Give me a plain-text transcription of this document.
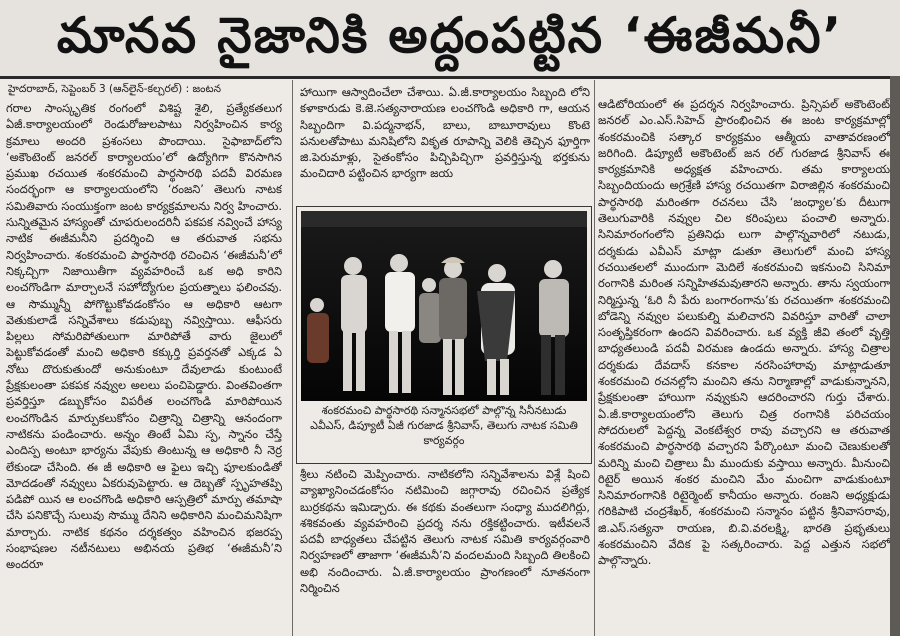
మానవ నైజానికి అద్దంపట్టిన ‘ఈజీమనీ’
హైదరాబాద్, సెప్టెంబర్ 3 (ఆన్‌లైన్-కల్చరల్) : జంటన
గరాల సాంస్కృతిక రంగంలో విశిష్ట శైలి, ప్రత్యేకతలుగ ఏజీ.కార్యాలయంలో రెండురోజులపాటు నిర్వహించిన కార్య క్రమాలు అందరి ప్రశంసలు పొందాయి. సైఫాబాద్‌లోని ‘అకౌంటెంట్ జనరల్ కార్యాలయం’లో ఉద్యోగిగా కొనసాగిన ప్రముఖ రచయిత శంకరమంచి పార్థసారథి పదవీ విరమణ సందర్భంగా ఆ కార్యాలయంలోని ‘రంజని’ తెలుగు నాటక సమితివారు సంయుక్తంగా జంట కార్యక్రమాలను నిర్వ హించారు. సున్నితమైన హాస్యంతో చూపరులందరినీ పకపక నవ్వించే హాస్య నాటిక ఈజీమనీని ప్రదర్శించి ఆ తరువాత సభను నిర్వహించారు. శంకరమంచి పార్థసారథి రచించిన ‘ఈజీమనీ’లో నిక్కచ్చిగా నిజాయితీగా వ్యవహరించే ఒక అధి కారిని లంచగొండిగా మార్చాలనే సహోద్యోగుల ప్రయత్నాలు ఫలించవు. ఆ సొమ్మున్నీ పోగొట్టుకోవడంకోసం ఆ అధికారి ఆటగా వెతుకులాడే సన్నివేశాలు కడుపుబ్బ నవ్విస్తాయి. ఆఫీసరు పిల్లలు సోమరిపోతులుగా మారిపోతే వారు జైలులో పెట్టుకోవడంతో మంచి అధికారి కక్కుర్తి ప్రవర్తనతో ఎక్కడ ఏ నోటు దొరుకుతుందో అనుకుంటూ దేవులాడు కుంటుంటే ప్రేక్షకులంతా పకపక నవ్వుల అలలు పంచిపెడ్డారు. వింతవింతగా ప్రవర్తిస్తూ డబ్బుకోసం విపరీత లంచగొండి మారిపోయిన లంచగొండిన మార్పుకలుకోసం చిత్రాన్ని చిత్రాన్ని ఆనందంగా నాటికను పండించారు. అన్నం తింటే ఏమి స్ప, స్నానం చేస్తే ఎందిస్ప అంటూ భార్యను వేపుకు తింటున్న ఆ అధికారి నీ నెర్ర లేకుండా చేసింది. ఈ జీ అధికారి ఆ ఫైలు ఇచ్చి ఫూలకుండితో మోదడంతో నవ్వులు ఏకరువుపెట్టారు. ఆ దెబ్బతో స్పృహతప్పి పడిపో యిన ఆ లంచగొండి అధికారి ఆస్పత్రిలో మార్పు తమాషా చేసి పనికొచ్చే సులువు సొమ్ము దేనిని అధికారిని మంచిమనిషిగా మార్చారు. నాటిక కథనం దర్శకత్వం వహించిన భజరప్ప సంభాషణల నటీనటులు అభినయ ప్రతిభ ‘ఈజీమనీ’ని అందరూ
హాయిగా ఆస్వాదించేలా చేశాయి. ఏ.జీ.కార్యాలయం సిబ్బంది లోని కళాకారుడు కె.జె.సత్యనారాయణ లంచగొండి అధికారి గా, ఆయన సిబ్బందిగా వి.పద్మనాభన్, బాలు, బాబూరావులు కొంటె పనులతోపాటు మనిషిలోని వికృత రూపాన్ని వెలికి తెచ్చిన ఫూర్తిగా జి.పెరుమాళ్లు, సైతంకోసం పిచ్చిపిచ్చిగా ప్రవర్తిస్తున్న భర్తకును మంచిదారి పట్టించిన భార్యగా జయ
శంకరమంచి పార్థసారథి సన్మానసభలో పాల్గొన్న సినీనటుడు ఎవీఎస్, డిప్యూటీ ఏజీ గురజాడ శ్రీనివాస్, తెలుగు నాటక సమితి కార్యవర్గం
శ్రీలు నటించి మెప్పించారు. నాటికలోని సన్నివేశాలను విశ్లే షించి వ్యాఖ్యానించడంకోసం నటిమించి జగ్గారావు రచించిన ప్రత్యేక బుర్రకథను ఇమిడ్చారు. ఈ కథకు వంతలుగా సంధ్యా ముదలిగిర్లు, శశికవంతు వ్యవహరించి ప్రదర్శ నను రక్తికట్టించారు. ఇటీవలనే పదవీ బాధ్యతలు చేపట్టిన తెలుగు నాటక సమితి కార్యవర్గంవారి నిర్వహణలో తాజాగా ‘ఈజీమనీ’ని వందలమంది సిబ్బంది తిలకించి అభి నందించారు. ఏ.జీ.కార్యాలయం ప్రాంగణంలో నూతనంగా నిర్మించిన
ఆడిటోరియంలో ఈ ప్రదర్శన నిర్వహించారు. ప్రిన్సిపల్ అకౌంటెంట్ జనరల్ ఎం.ఎస్.సిహెచ్ ప్రారంభించిన ఈ జంట కార్యక్రమాల్లో శంకరమంచికి సత్కార కార్యక్రమం ఆత్మీయ వాతావరణంలో జరిగింది. డిప్యూటీ అకౌంటెంట్ జన రల్ గురజాడ శ్రీనివాస్ ఈ కార్యక్రమానికి అధ్యక్షత వహించారు. తమ కార్యాలయ సిబ్బందియందు అగ్రశ్రేణి హాస్య రచయితగా విరాజిల్లిన శంకరమంచి పార్థసారథి మరింతగా రచనలు చేసి ‘జంధ్యాల’కు దీటుగా తెలుగువారికి నవ్వుల చిల కరింపులు పంచాలి అన్నారు. సినిమారంగంలోని ప్రతినిధు లుగా పాల్గొన్నవారిలో నటుడు, దర్శకుడు ఎవీఎస్ మాట్లా డుతూ తెలుగులో మంచి హాస్య రచయితలలో ముందుగా మెదిలే శంకరమంచి ఇకనుంచి సినిమా రంగానికి మరింత సన్నిహితమవుతారని అన్నారు. తాను స్వయంగా నిర్మిస్తున్న ‘ఓరి నీ పేరు బంగారంగాను’కు రచయితగా శంకరమంచి బోడెన్ని నవ్వుల పలుకుల్ని మలిచారని వివరిస్తూ వారితో చాలా సంతృప్తికరంగా ఉందని వివరించారు. ఒక వ్యక్తి జీవి తంలో వృత్తి బాధ్యతలుండి పదవీ విరమణ ఉండదు అన్నారు. హాస్య చిత్రాల దర్శకుడు దేవదాస్ కనకాల నరసింహారావు మాట్లాడుతూ శంకరమంచి రచనల్లోని మంచిని తను నిర్మాణాల్లో వాడుకున్నానని, ప్రేక్షకులంతా హాయిగా నవ్వుకుని ఆదరించారని గుర్తు చేశారు. ఏ.జీ.కార్యాలయంలోని తెలుగు చిత్ర రంగానికి పరిచయం సోదరులలో పెద్దన్న వెంకటేశ్వర రావు వచ్చారని ఆ తరువాత శంకరమంచి పార్థసారథి వచ్చారని పేర్కొంటూ మంచి చెణుకులతో మరిన్ని మంచి చిత్రాలు మీ ముందుకు వస్తాయి అన్నారు. మీనుంచి రిటైర్ అయిన శంకర మంచిని మేం మంచిగా వాడుకుంటూ సినిమారంగానికి రిటైర్మెంట్ కానీయం అన్నారు. రంజని అధ్యక్షుడు గరికిపాటి చంద్రశేఖర్, శంకరమంచి సన్మానం పట్టిన శ్రీనివాసరావు, జి.ఎస్.సత్యనా రాయణ, బి.వి.వరలక్ష్మి, భారతి ప్రభృతులు శంకరమంచిని వేదిక పై సత్కరించారు. పెద్ద ఎత్తున సభలో పాల్గొన్నారు.
